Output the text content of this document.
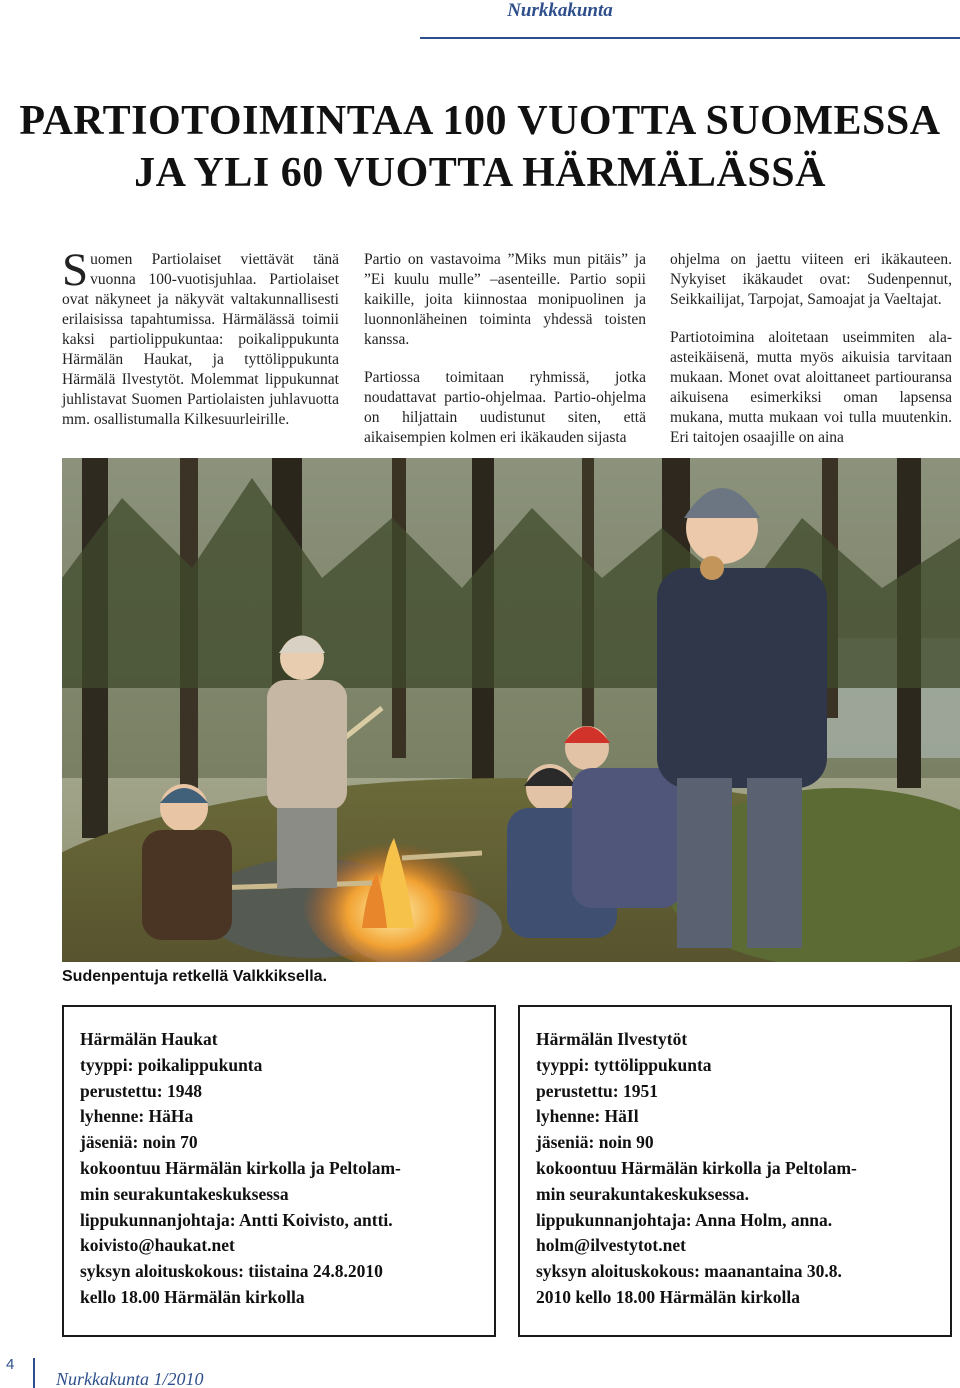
Nurkkakunta
PARTIOTOIMINTAA 100 VUOTTA SUOMESSA
JA YLI 60 VUOTTA HÄRMÄLÄSSÄ

Suomen Partiolaiset viettävät tänä vuonna 100-vuotisjuhlaa. Partiolaiset ovat näkyneet ja näkyvät valtakunnallisesti erilaisissa tapahtumissa. Härmälässä toimii kaksi partiolippukuntaa: poikalippukunta Härmälän Haukat, ja tyttölippukunta Härmälä Ilvestytöt. Molemmat lippukunnat juhlistavat Suomen Partiolaisten juhlavuotta mm. osallistumalla Kilkesuurleirille.

Partio on vastavoima ”Miks mun pitäis” ja ”Ei kuulu mulle” –asenteille. Partio sopii kaikille, joita kiinnostaa monipuolinen ja luonnonläheinen toiminta yhdessä toisten kanssa.

Partiossa toimitaan ryhmissä, jotka noudattavat partio-ohjelmaa. Partio-ohjelma on hiljattain uudistunut siten, että aikaisempien kolmen eri ikäkauden sijasta

ohjelma on jaettu viiteen eri ikäkauteen. Nykyiset ikäkaudet ovat: Sudenpennut, Seikkailijat, Tarpojat, Samoajat ja Vaeltajat.

Partiotoimina aloitetaan useimmiten ala-asteikäisenä, mutta myös aikuisia tarvitaan mukaan. Monet ovat aloittaneet partiouransa aikuisena esimerkiksi oman lapsensa mukana, mutta mukaan voi tulla muutenkin. Eri taitojen osaajille on aina

Sudenpentuja retkellä Valkkiksella.
Härmälän Haukat
tyyppi: poikalippukunta
perustettu: 1948
lyhenne: HäHa
jäseniä: noin 70
kokoontuu Härmälän kirkolla ja Peltolam-
min seurakuntakeskuksessa
lippukunnanjohtaja: Antti Koivisto, antti.
koivisto@haukat.net
syksyn aloituskokous: tiistaina 24.8.2010
kello 18.00 Härmälän kirkolla
Härmälän Ilvestytöt
tyyppi: tyttölippukunta
perustettu: 1951
lyhenne: HäIl
jäseniä: noin 90
kokoontuu Härmälän kirkolla ja Peltolam-
min seurakuntakeskuksessa.
lippukunnanjohtaja: Anna Holm, anna.
holm@ilvestytot.net
syksyn aloituskokous: maanantaina 30.8.
2010 kello 18.00 Härmälän kirkolla
4
Nurkkakunta 1/2010
